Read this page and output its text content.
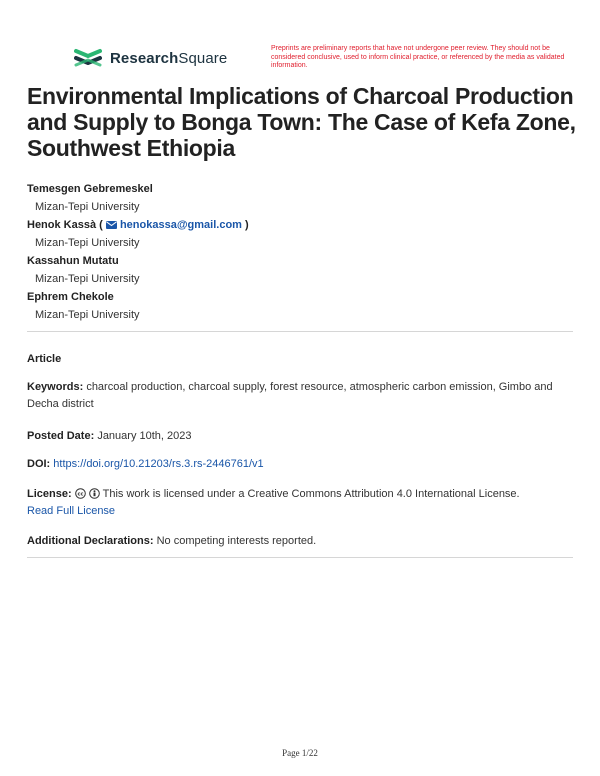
ResearchSquare
Preprints are preliminary reports that have not undergone peer review. They should not be considered conclusive, used to inform clinical practice, or referenced by the media as validated information.
Environmental Implications of Charcoal Production and Supply to Bonga Town: The Case of Kefa Zone, Southwest Ethiopia
Temesgen Gebremeskel
Mizan-Tepi University
Henok Kassà (  henokassa@gmail.com )
Mizan-Tepi University
Kassahun Mutatu
Mizan-Tepi University
Ephrem Chekole
Mizan-Tepi University
Article
Keywords: charcoal production, charcoal supply, forest resource, atmospheric carbon emission, Gimbo and Decha district
Posted Date: January 10th, 2023
DOI: https://doi.org/10.21203/rs.3.rs-2446761/v1
License: cc This work is licensed under a Creative Commons Attribution 4.0 International License.
Read Full License
Additional Declarations: No competing interests reported.
Page 1/22
